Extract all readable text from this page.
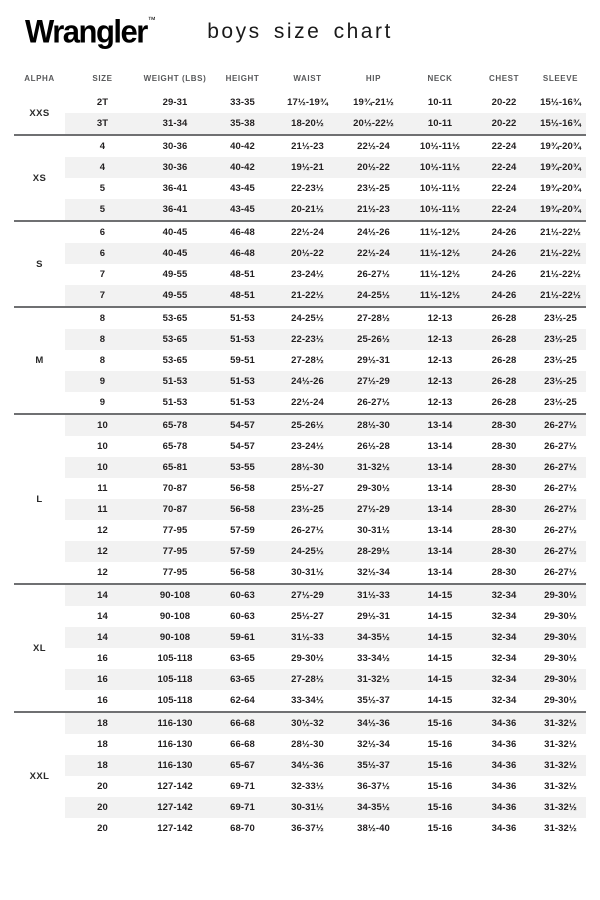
Wrangler™	boys size chart
ALPHA	SIZE	WEIGHT (LBS)	HEIGHT	WAIST	HIP	NECK	CHEST	SLEEVE
XXS
2T	29-31	33-35	17½-19¾	19¾-21½	10-11	20-22	15½-16¾
3T	31-34	35-38	18-20½	20½-22½	10-11	20-22	15½-16¾
XS
4	30-36	40-42	21½-23	22½-24	10½-11½	22-24	19¾-20¾
4	30-36	40-42	19½-21	20½-22	10½-11½	22-24	19¾-20¾
5	36-41	43-45	22-23½	23½-25	10½-11½	22-24	19¾-20¾
5	36-41	43-45	20-21½	21½-23	10½-11½	22-24	19¾-20¾
S
6	40-45	46-48	22½-24	24½-26	11½-12½	24-26	21½-22½
6	40-45	46-48	20½-22	22½-24	11½-12½	24-26	21½-22½
7	49-55	48-51	23-24½	26-27½	11½-12½	24-26	21½-22½
7	49-55	48-51	21-22½	24-25½	11½-12½	24-26	21½-22½
M
8	53-65	51-53	24-25½	27-28½	12-13	26-28	23½-25
8	53-65	51-53	22-23½	25-26½	12-13	26-28	23½-25
8	53-65	59-51	27-28½	29½-31	12-13	26-28	23½-25
9	51-53	51-53	24½-26	27½-29	12-13	26-28	23½-25
9	51-53	51-53	22½-24	26-27½	12-13	26-28	23½-25
L
10	65-78	54-57	25-26½	28½-30	13-14	28-30	26-27½
10	65-78	54-57	23-24½	26½-28	13-14	28-30	26-27½
10	65-81	53-55	28½-30	31-32½	13-14	28-30	26-27½
11	70-87	56-58	25½-27	29-30½	13-14	28-30	26-27½
11	70-87	56-58	23½-25	27½-29	13-14	28-30	26-27½
12	77-95	57-59	26-27½	30-31½	13-14	28-30	26-27½
12	77-95	57-59	24-25½	28-29½	13-14	28-30	26-27½
12	77-95	56-58	30-31½	32½-34	13-14	28-30	26-27½
XL
14	90-108	60-63	27½-29	31½-33	14-15	32-34	29-30½
14	90-108	60-63	25½-27	29½-31	14-15	32-34	29-30½
14	90-108	59-61	31½-33	34-35½	14-15	32-34	29-30½
16	105-118	63-65	29-30½	33-34½	14-15	32-34	29-30½
16	105-118	63-65	27-28½	31-32½	14-15	32-34	29-30½
16	105-118	62-64	33-34½	35½-37	14-15	32-34	29-30½
XXL
18	116-130	66-68	30½-32	34½-36	15-16	34-36	31-32½
18	116-130	66-68	28½-30	32½-34	15-16	34-36	31-32½
18	116-130	65-67	34½-36	35½-37	15-16	34-36	31-32½
20	127-142	69-71	32-33½	36-37½	15-16	34-36	31-32½
20	127-142	69-71	30-31½	34-35½	15-16	34-36	31-32½
20	127-142	68-70	36-37½	38½-40	15-16	34-36	31-32½
